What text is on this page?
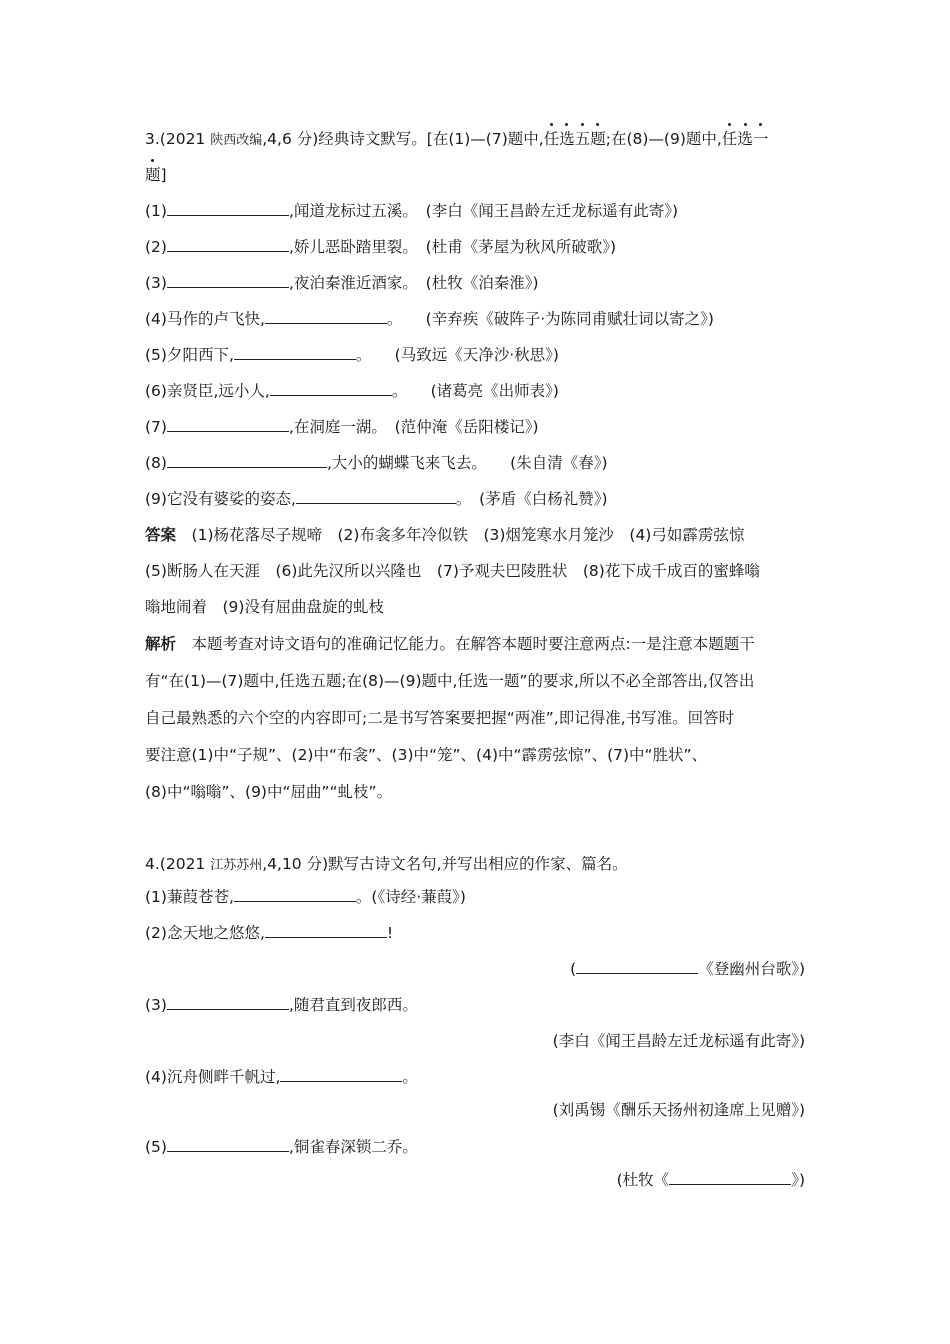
3.(2021 陕西改编,4,6 分)经典诗文默写。[在(1)—(7)题中,任选五题;在(8)—(9)题中,任选一
题]
(1)	,闻道龙标过五溪。　 (李白《闻王昌龄左迁龙标遥有此寄》)
(2)	,娇儿恶卧踏里裂。　 (杜甫《茅屋为秋风所破歌》)
(3)	,夜泊秦淮近酒家。　 (杜牧《泊秦淮》)
(4)马作的卢飞快,	。　　 (辛弃疾《破阵子·为陈同甫赋壮词以寄之》)
(5)夕阳西下,	。　　 (马致远《天净沙·秋思》)
(6)亲贤臣,远小人,	。　　 (诸葛亮《出师表》)
(7)	,在洞庭一湖。　 (范仲淹《岳阳楼记》)
(8)	,大小的蝴蝶飞来飞去。　　 (朱自清《春》)
(9)它没有婆娑的姿态,	。　 (茅盾《白杨礼赞》)
答案　 (1)杨花落尽子规啼　(2)布衾多年冷似铁　(3)烟笼寒水月笼沙　(4)弓如霹雳弦惊
(5)断肠人在天涯　(6)此先汉所以兴隆也　(7)予观夫巴陵胜状　(8)花下成千成百的蜜蜂嗡
嗡地闹着　(9)没有屈曲盘旋的虬枝
解析　 本题考查对诗文语句的准确记忆能力。在解答本题时要注意两点:一是注意本题题干
有“在(1)—(7)题中,任选五题;在(8)—(9)题中,任选一题”的要求,所以不必全部答出,仅答出
自己最熟悉的六个空的内容即可;二是书写答案要把握“两准”,即记得准,书写准。回答时
要注意(1)中“子规”、(2)中“布衾”、(3)中“笼”、(4)中“霹雳弦惊”、(7)中“胜状”、
(8)中“嗡嗡”、(9)中“屈曲”“虬枝”。
4.(2021 江苏苏州,4,10 分)默写古诗文名句,并写出相应的作家、篇名。
(1)蒹葭苍苍,	。(《诗经·蒹葭》)
(2)念天地之悠悠,	!
(	《登幽州台歌》)
(3)	,随君直到夜郎西。
(李白《闻王昌龄左迁龙标遥有此寄》)
(4)沉舟侧畔千帆过,	。
(刘禹锡《酬乐天扬州初逢席上见赠》)
(5)	,铜雀春深锁二乔。
(杜牧《	》)
